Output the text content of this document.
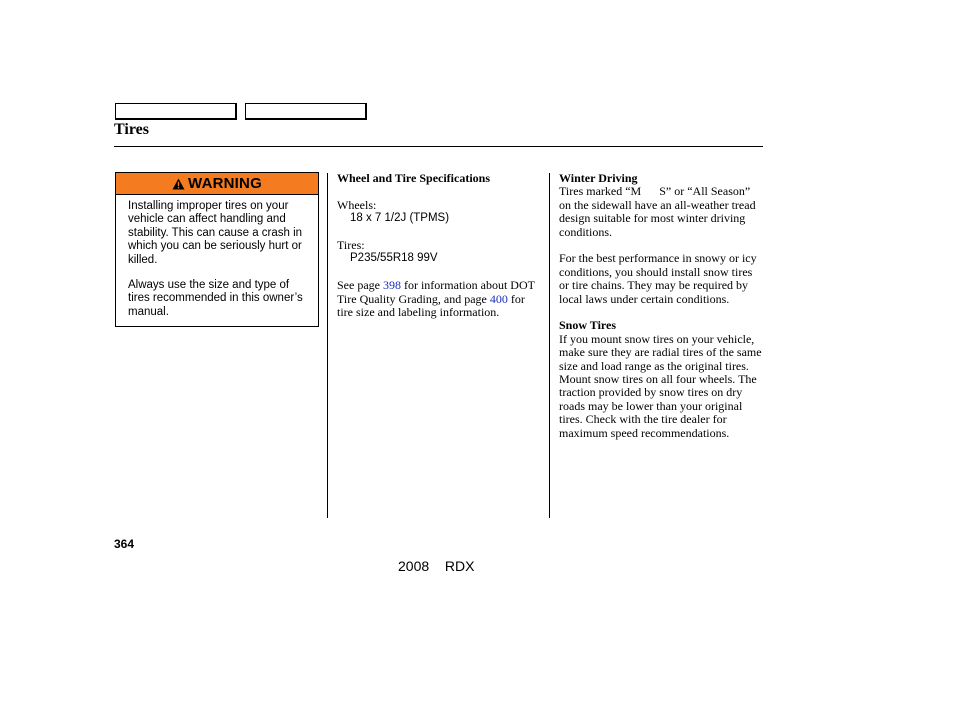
Tires
WARNING

Installing improper tires on your vehicle can affect handling and stability. This can cause a crash in which you can be seriously hurt or killed.

Always use the size and type of tires recommended in this owner’s manual.

Wheel and Tire Specifications

Wheels:

18 x 7 1/2J (TPMS)

Tires:

P235/55R18 99V

See page 398 for information about DOT Tire Quality Grading, and page 400 for tire size and labeling information.

Winter Driving

Tires marked “M      S” or “All Season” on the sidewall have an all-weather tread design suitable for most winter driving conditions.

For the best performance in snowy or icy conditions, you should install snow tires or tire chains. They may be required by local laws under certain conditions.

Snow Tires

If you mount snow tires on your vehicle, make sure they are radial tires of the same size and load range as the original tires. Mount snow tires on all four wheels. The traction provided by snow tires on dry roads may be lower than your original tires. Check with the tire dealer for maximum speed recommendations.

364
2008  RDX
